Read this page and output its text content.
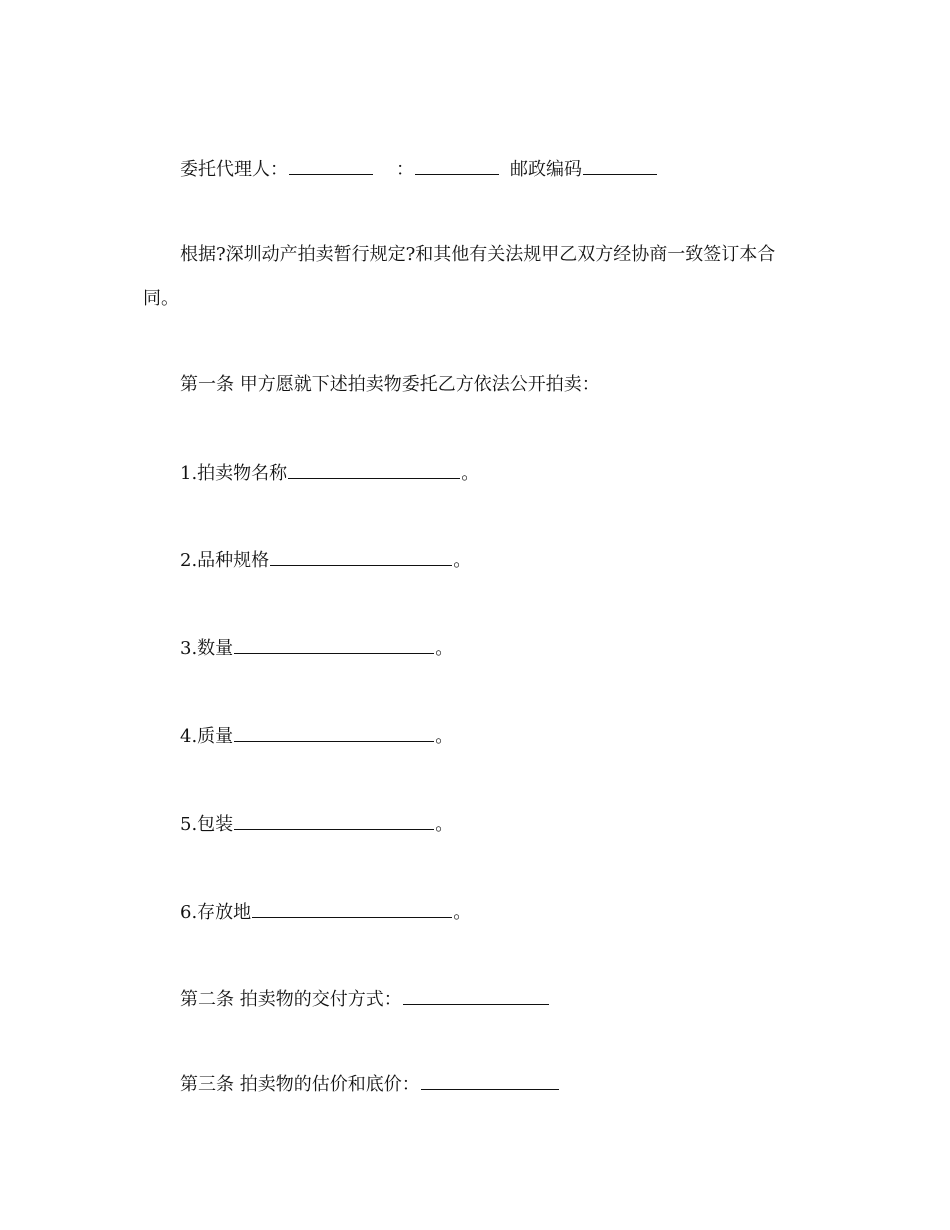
委托代理人：	：	邮政编码
根据?深圳动产拍卖暂行规定?和其他有关法规甲乙双方经协商一致签订本合
同。
第一条 甲方愿就下述拍卖物委托乙方依法公开拍卖：
1.拍卖物名称	。
2.品种规格	。
3.数量	。
4.质量	。
5.包装	。
6.存放地	。
第二条 拍卖物的交付方式：
第三条 拍卖物的估价和底价：
